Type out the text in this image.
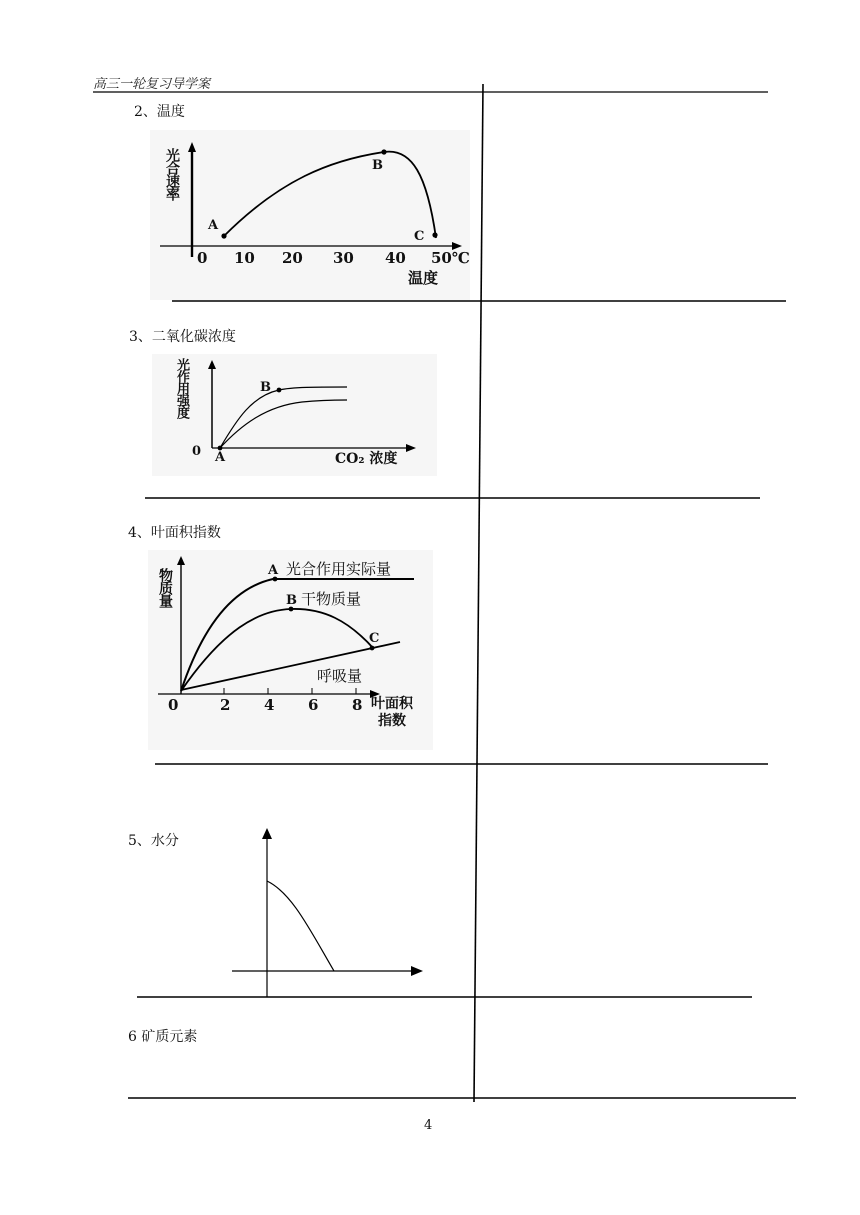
高三一轮复习导学案
2、温度
3、二氧化碳浓度
4、叶面积指数
5、水分
6 矿质元素
光合速率
A
B
C
0 10 20 30 40 50℃
温度
光作用强度	B
A
0	CO₂ 浓度
物质量	A
B
C
光合作用实际量
干物质量
呼吸量
0	2 4 6 8 叶面积指数
4
